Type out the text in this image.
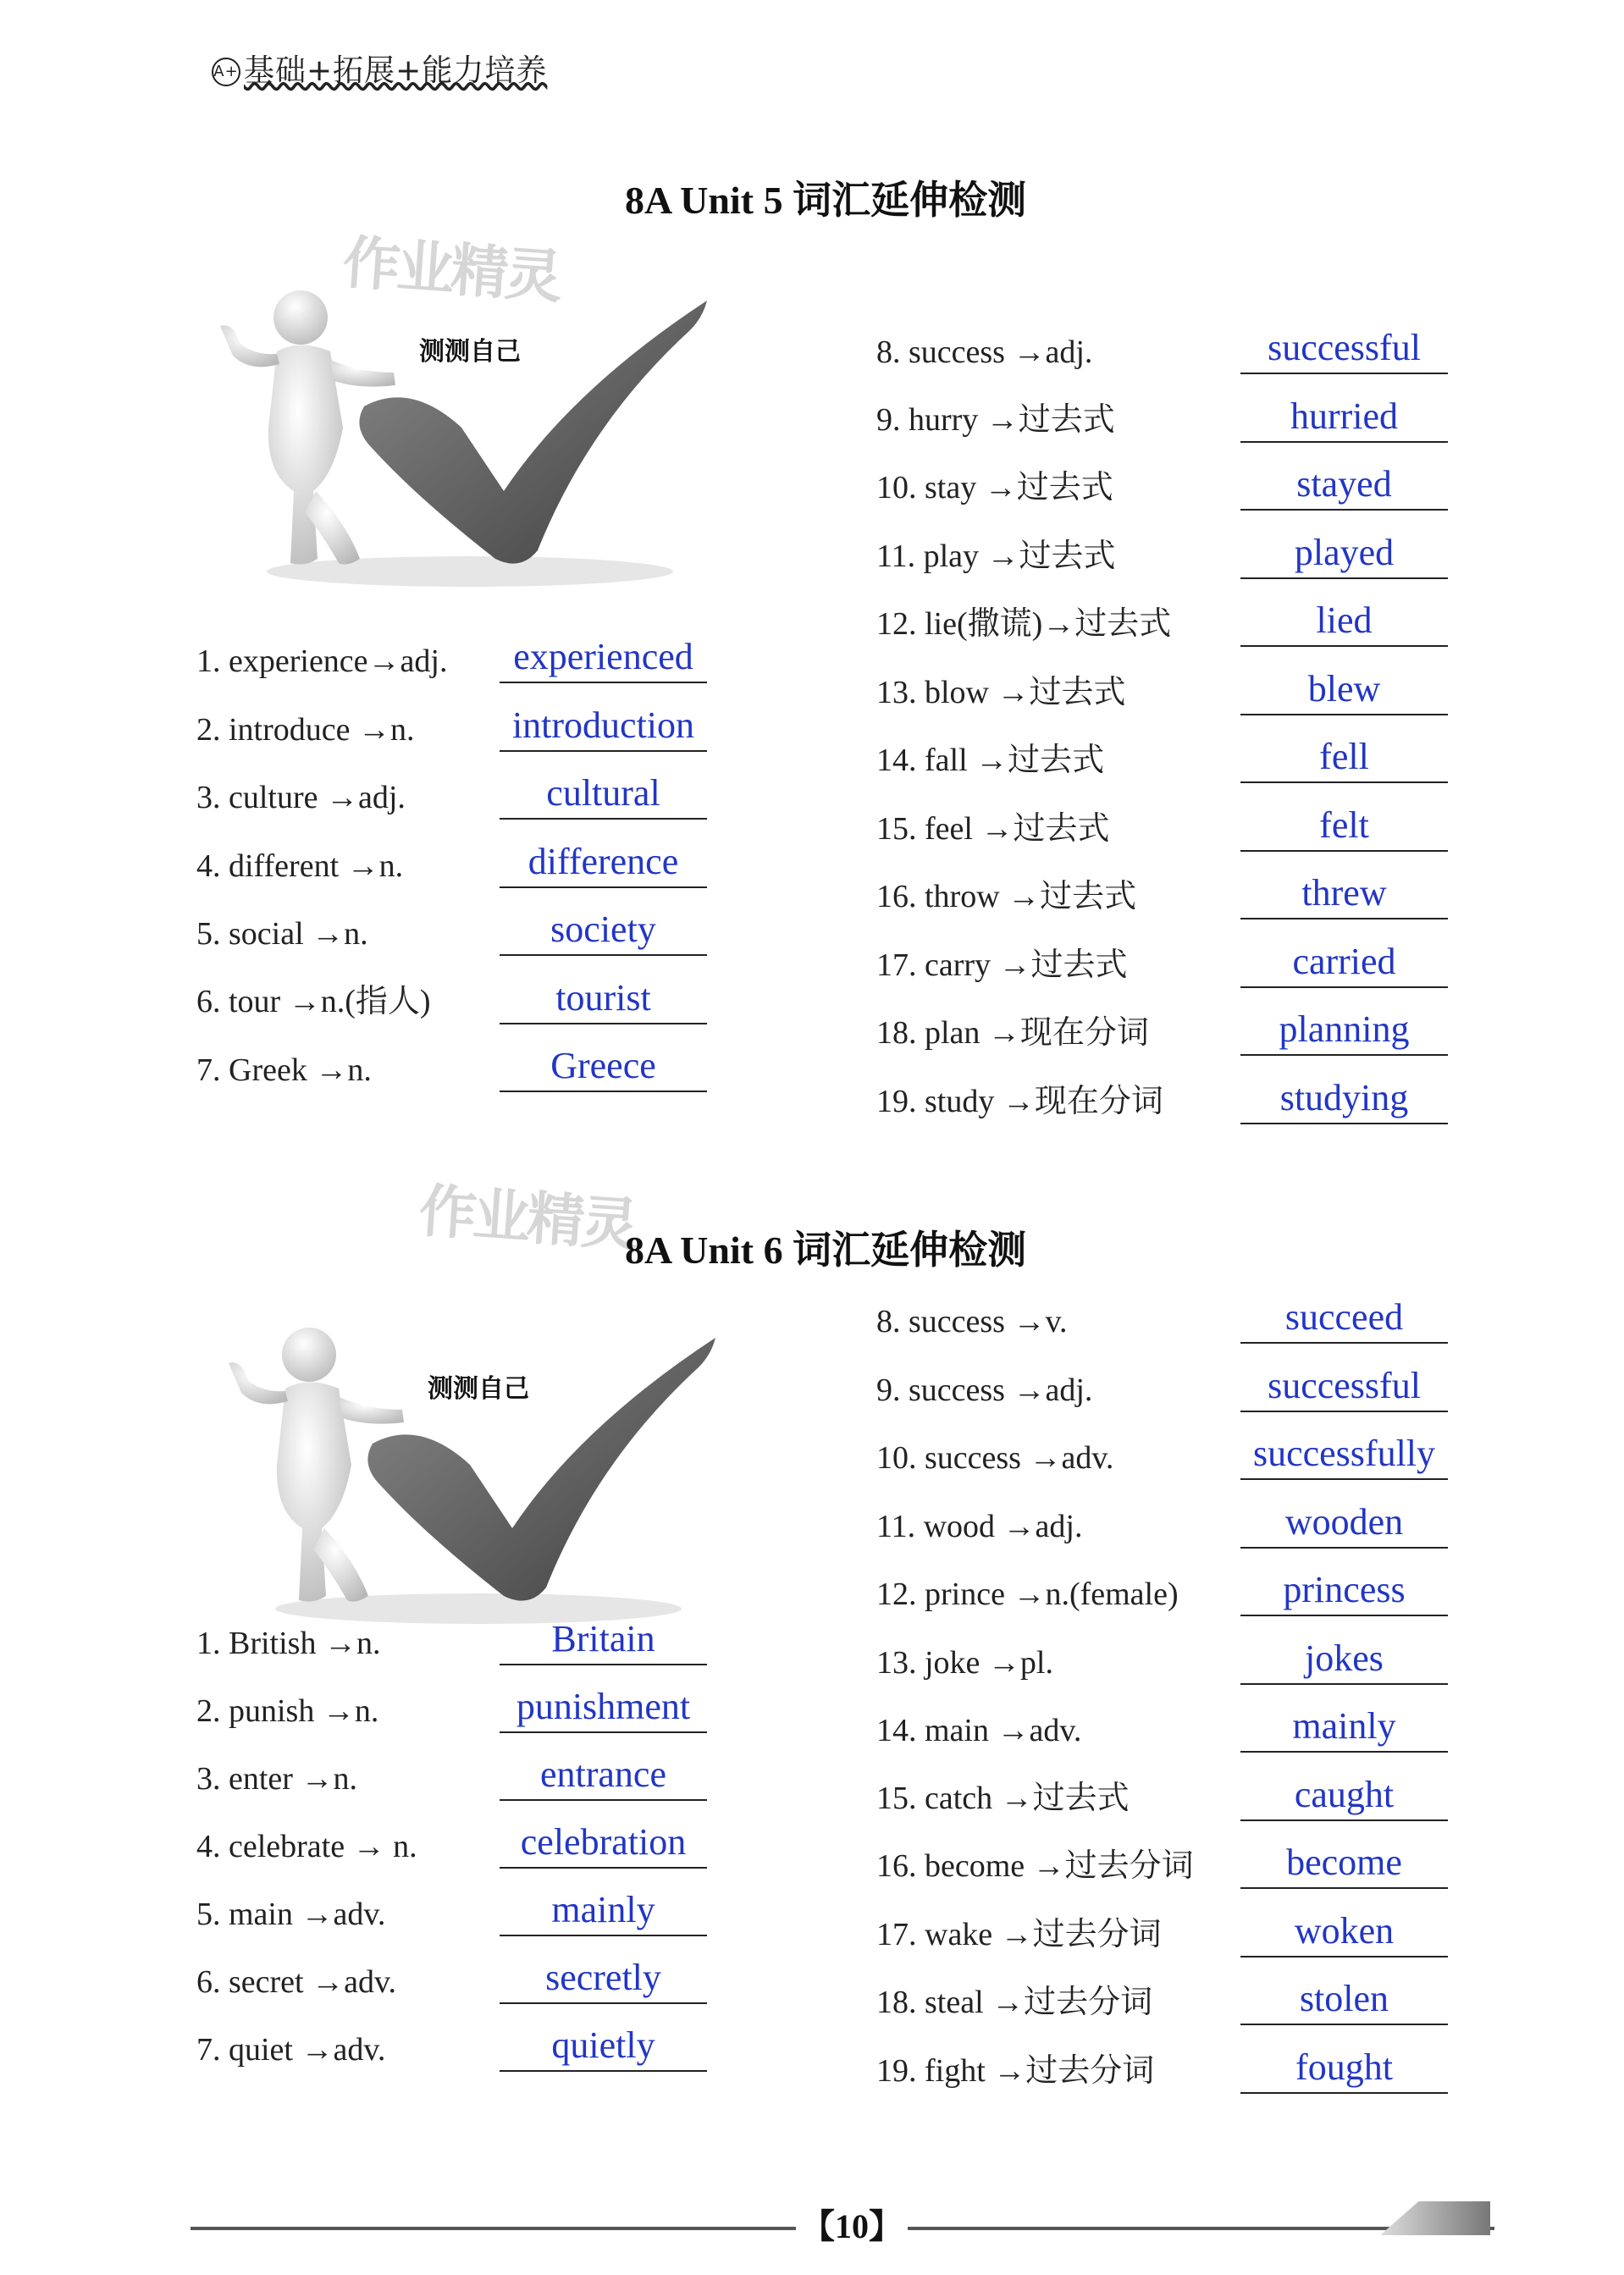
A+ 基础+拓展+能力培养
作业精灵
作业精灵
8A Unit 5 词汇延伸检测
测测自己
1. experience→adj.	experienced
2. introduce →n.	introduction
3. culture →adj.	cultural
4. different →n.	difference
5. social →n.	society
6. tour →n.(指人)	tourist
7. Greek →n.	Greece
8. success →adj.	successful
9. hurry →过去式	hurried
10. stay →过去式	stayed
11. play →过去式	played
12. lie(撒谎)→过去式	lied
13. blow →过去式	blew
14. fall →过去式	fell
15. feel →过去式	felt
16. throw →过去式	threw
17. carry →过去式	carried
18. plan →现在分词	planning
19. study →现在分词	studying
8A Unit 6 词汇延伸检测
测测自己
1. British →n.	Britain
2. punish →n.	punishment
3. enter →n.	entrance
4. celebrate → n.	celebration
5. main →adv.	mainly
6. secret →adv.	secretly
7. quiet →adv.	quietly
8. success →v.	succeed
9. success →adj.	successful
10. success →adv.	successfully
11. wood →adj.	wooden
12. prince →n.(female)	princess
13. joke →pl.	jokes
14. main →adv.	mainly
15. catch →过去式	caught
16. become →过去分词	become
17. wake →过去分词	woken
18. steal →过去分词	stolen
19. fight →过去分词	fought
【10】
